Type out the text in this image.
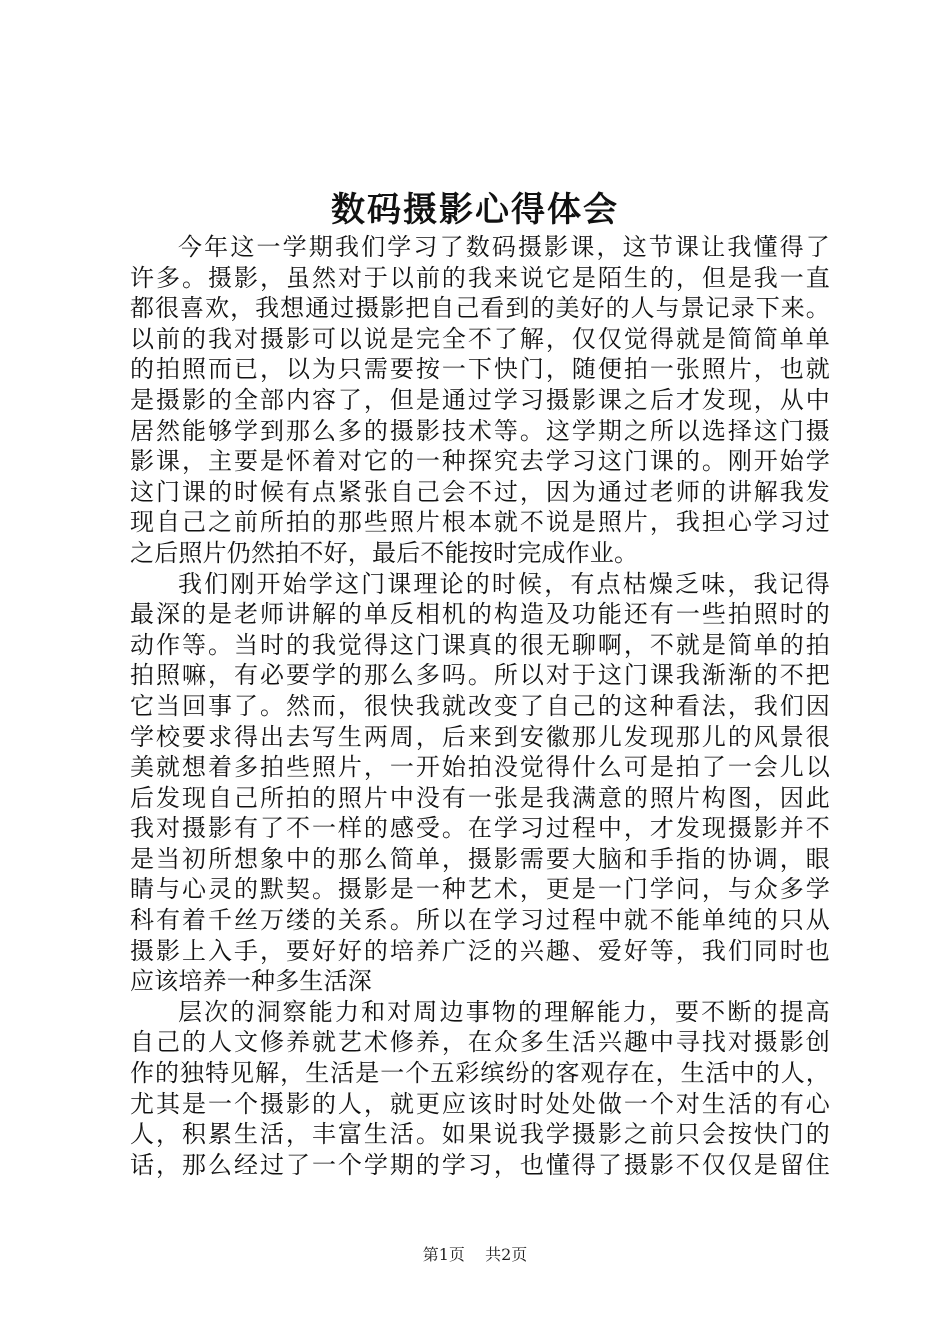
数码摄影心得体会
今年这一学期我们学习了数码摄影课，这节课让我懂得了
许多。摄影，虽然对于以前的我来说它是陌生的，但是我一直
都很喜欢，我想通过摄影把自己看到的美好的人与景记录下来。
以前的我对摄影可以说是完全不了解，仅仅觉得就是简简单单
的拍照而已，以为只需要按一下快门，随便拍一张照片，也就
是摄影的全部内容了，但是通过学习摄影课之后才发现，从中
居然能够学到那么多的摄影技术等。这学期之所以选择这门摄
影课，主要是怀着对它的一种探究去学习这门课的。刚开始学
这门课的时候有点紧张自己会不过，因为通过老师的讲解我发
现自己之前所拍的那些照片根本就不说是照片，我担心学习过
之后照片仍然拍不好，最后不能按时完成作业。
我们刚开始学这门课理论的时候，有点枯燥乏味，我记得
最深的是老师讲解的单反相机的构造及功能还有一些拍照时的
动作等。当时的我觉得这门课真的很无聊啊，不就是简单的拍
拍照嘛，有必要学的那么多吗。所以对于这门课我渐渐的不把
它当回事了。然而，很快我就改变了自己的这种看法，我们因
学校要求得出去写生两周，后来到安徽那儿发现那儿的风景很
美就想着多拍些照片，一开始拍没觉得什么可是拍了一会儿以
后发现自己所拍的照片中没有一张是我满意的照片构图，因此
我对摄影有了不一样的感受。在学习过程中，才发现摄影并不
是当初所想象中的那么简单，摄影需要大脑和手指的协调，眼
睛与心灵的默契。摄影是一种艺术，更是一门学问，与众多学
科有着千丝万缕的关系。所以在学习过程中就不能单纯的只从
摄影上入手，要好好的培养广泛的兴趣、爱好等，我们同时也
应该培养一种多生活深
层次的洞察能力和对周边事物的理解能力，要不断的提高
自己的人文修养就艺术修养，在众多生活兴趣中寻找对摄影创
作的独特见解，生活是一个五彩缤纷的客观存在，生活中的人，
尤其是一个摄影的人，就更应该时时处处做一个对生活的有心
人，积累生活，丰富生活。如果说我学摄影之前只会按快门的
话，那么经过了一个学期的学习，也懂得了摄影不仅仅是留住
第1页 共2页
